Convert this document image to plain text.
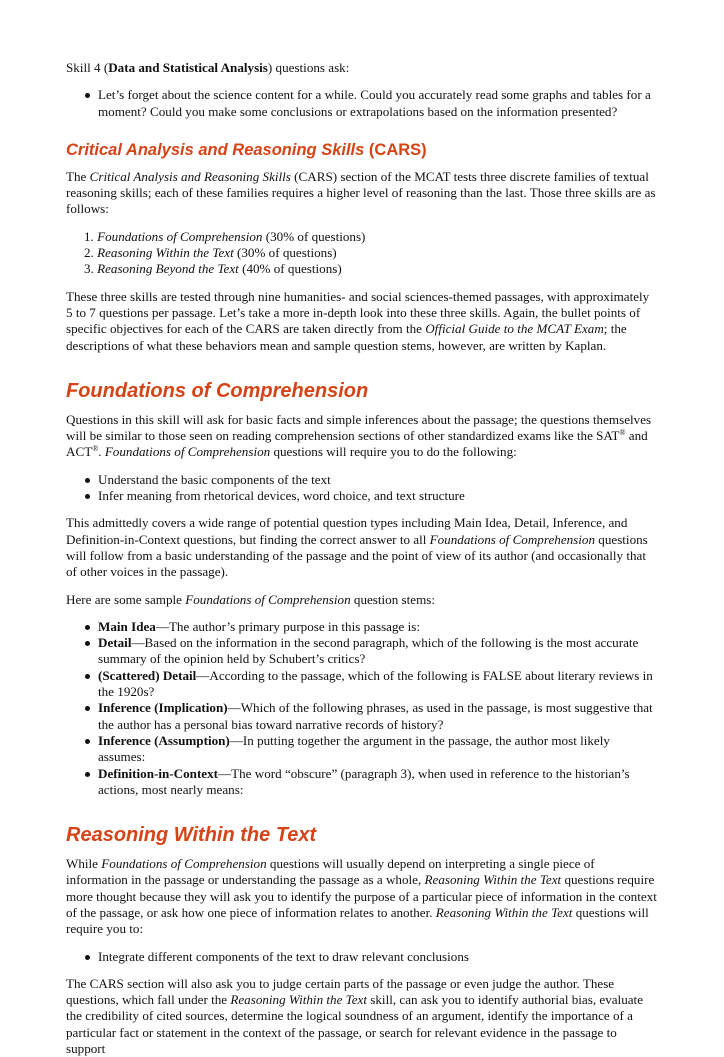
Skill 4 (Data and Statistical Analysis) questions ask:

Let’s forget about the science content for a while. Could you accurately read some graphs and tables for a moment? Could you make some conclusions or extrapolations based on the information presented?
Critical Analysis and Reasoning Skills (CARS)

The Critical Analysis and Reasoning Skills (CARS) section of the MCAT tests three discrete families of textual reasoning skills; each of these families requires a higher level of reasoning than the last. Those three skills are as follows:

1. Foundations of Comprehension (30% of questions)
2. Reasoning Within the Text (30% of questions)
3. Reasoning Beyond the Text (40% of questions)

These three skills are tested through nine humanities- and social sciences-themed passages, with approximately 5 to 7 questions per passage. Let’s take a more in-depth look into these three skills. Again, the bullet points of specific objectives for each of the CARS are taken directly from the Official Guide to the MCAT Exam; the descriptions of what these behaviors mean and sample question stems, however, are written by Kaplan.

Foundations of Comprehension

Questions in this skill will ask for basic facts and simple inferences about the passage; the questions themselves will be similar to those seen on reading comprehension sections of other standardized exams like the SAT® and ACT®. Foundations of Comprehension questions will require you to do the following:

Understand the basic components of the text
Infer meaning from rhetorical devices, word choice, and text structure

This admittedly covers a wide range of potential question types including Main Idea, Detail, Inference, and Definition-in-Context questions, but finding the correct answer to all Foundations of Comprehension questions will follow from a basic understanding of the passage and the point of view of its author (and occasionally that of other voices in the passage).

Here are some sample Foundations of Comprehension question stems:

Main Idea—The author’s primary purpose in this passage is:
Detail—Based on the information in the second paragraph, which of the following is the most accurate summary of the opinion held by Schubert’s critics?
(Scattered) Detail—According to the passage, which of the following is FALSE about literary reviews in the 1920s?
Inference (Implication)—Which of the following phrases, as used in the passage, is most suggestive that the author has a personal bias toward narrative records of history?
Inference (Assumption)—In putting together the argument in the passage, the author most likely assumes:
Definition-in-Context—The word “obscure” (paragraph 3), when used in reference to the historian’s actions, most nearly means:
Reasoning Within the Text

While Foundations of Comprehension questions will usually depend on interpreting a single piece of information in the passage or understanding the passage as a whole, Reasoning Within the Text questions require more thought because they will ask you to identify the purpose of a particular piece of information in the context of the passage, or ask how one piece of information relates to another. Reasoning Within the Text questions will require you to:

Integrate different components of the text to draw relevant conclusions

The CARS section will also ask you to judge certain parts of the passage or even judge the author. These questions, which fall under the Reasoning Within the Text skill, can ask you to identify authorial bias, evaluate the credibility of cited sources, determine the logical soundness of an argument, identify the importance of a particular fact or statement in the context of the passage, or search for relevant evidence in the passage to support
